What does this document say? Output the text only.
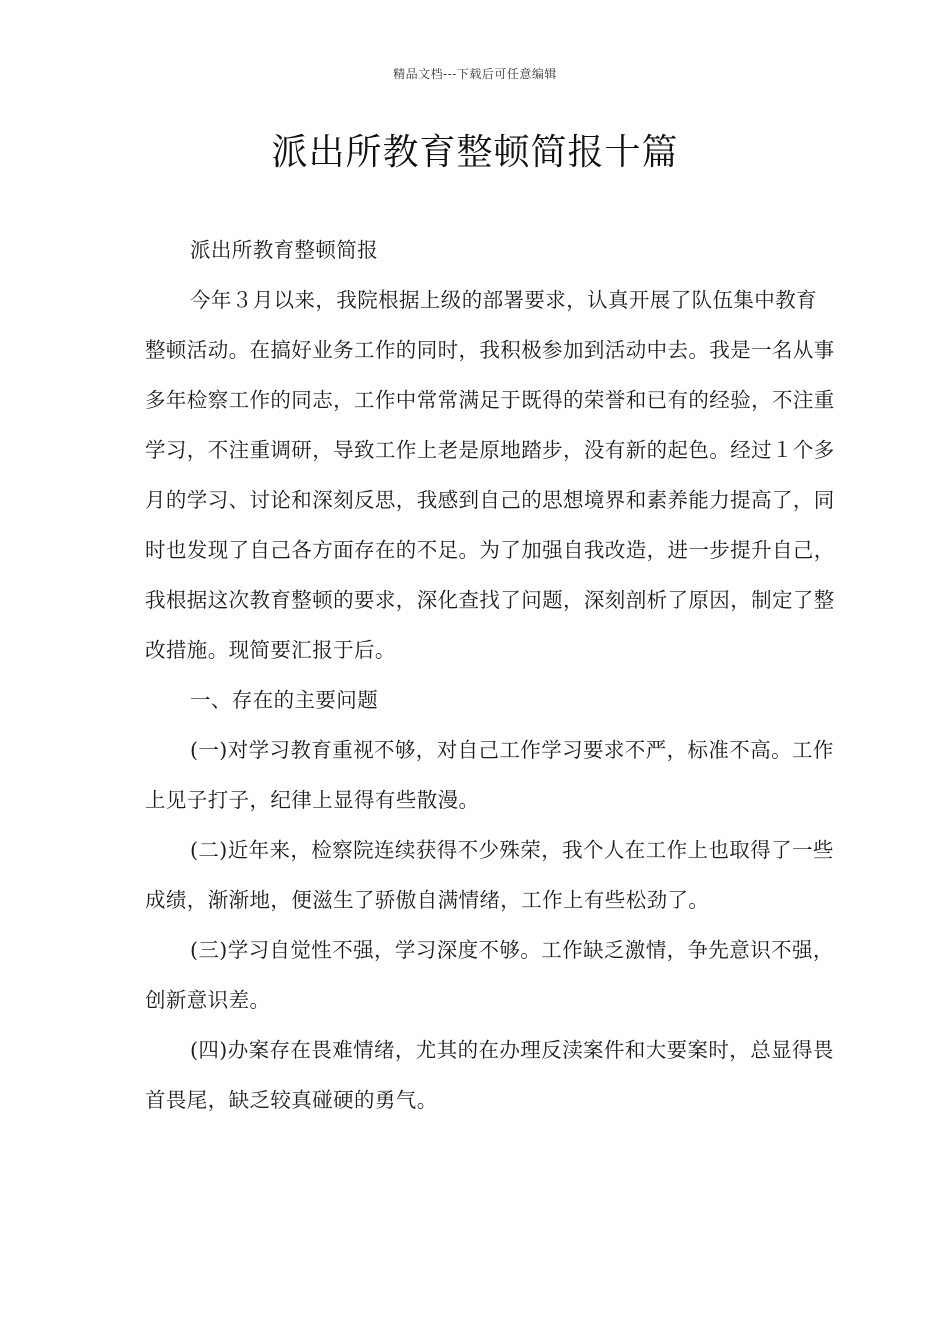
精品文档---下载后可任意编辑
派出所教育整顿简报十篇

派出所教育整顿简报

今年３月以来，我院根据上级的部署要求，认真开展了队伍集中教育整顿活动。在搞好业务工作的同时，我积极参加到活动中去。我是一名从事多年检察工作的同志，工作中常常满足于既得的荣誉和已有的经验，不注重学习，不注重调研，导致工作上老是原地踏步，没有新的起色。经过１个多月的学习、讨论和深刻反思，我感到自己的思想境界和素养能力提高了，同时也发现了自己各方面存在的不足。为了加强自我改造，进一步提升自己，我根据这次教育整顿的要求，深化查找了问题，深刻剖析了原因，制定了整改措施。现简要汇报于后。

一、存在的主要问题

(一)对学习教育重视不够，对自己工作学习要求不严，标准不高。工作上见子打子，纪律上显得有些散漫。

(二)近年来，检察院连续获得不少殊荣，我个人在工作上也取得了一些成绩，渐渐地，便滋生了骄傲自满情绪，工作上有些松劲了。

(三)学习自觉性不强，学习深度不够。工作缺乏激情，争先意识不强，创新意识差。

(四)办案存在畏难情绪，尤其的在办理反渎案件和大要案时，总显得畏首畏尾，缺乏较真碰硬的勇气。
